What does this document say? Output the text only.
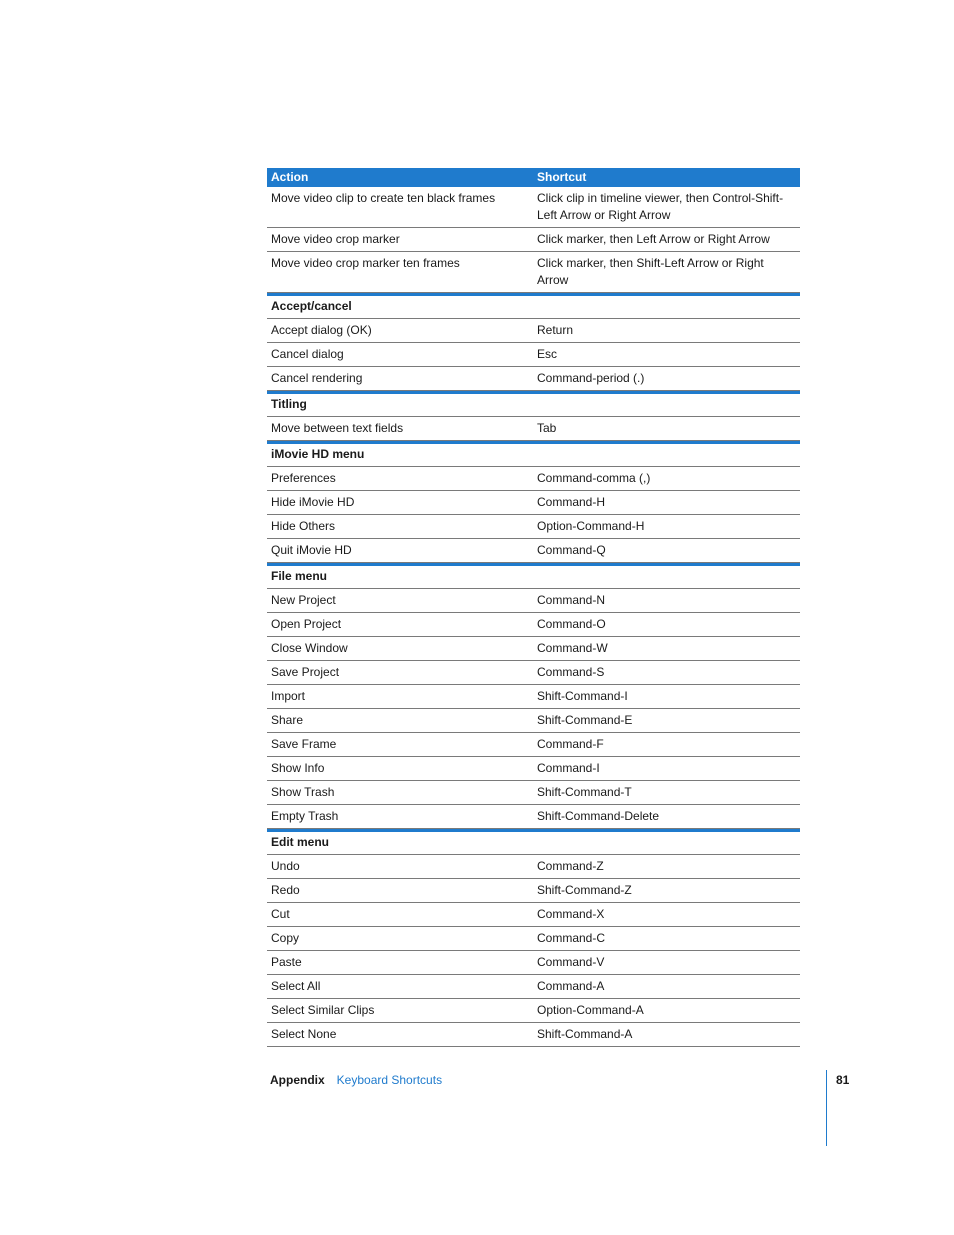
Action	Shortcut
Move video clip to create ten black frames	Click clip in timeline viewer, then Control-Shift-Left Arrow or Right Arrow
Move video crop marker	Click marker, then Left Arrow or Right Arrow
Move video crop marker ten frames	Click marker, then Shift-Left Arrow or Right Arrow
Accept/cancel
Accept dialog (OK)	Return
Cancel dialog	Esc
Cancel rendering	Command-period (.)
Titling
Move between text fields	Tab
iMovie HD menu
Preferences	Command-comma (,)
Hide iMovie HD	Command-H
Hide Others	Option-Command-H
Quit iMovie HD	Command-Q
File menu
New Project	Command-N
Open Project	Command-O
Close Window	Command-W
Save Project	Command-S
Import	Shift-Command-I
Share	Shift-Command-E
Save Frame	Command-F
Show Info	Command-I
Show Trash	Shift-Command-T
Empty Trash	Shift-Command-Delete
Edit menu
Undo	Command-Z
Redo	Shift-Command-Z
Cut	Command-X
Copy	Command-C
Paste	Command-V
Select All	Command-A
Select Similar Clips	Option-Command-A
Select None	Shift-Command-A
Appendix Keyboard Shortcuts	81
